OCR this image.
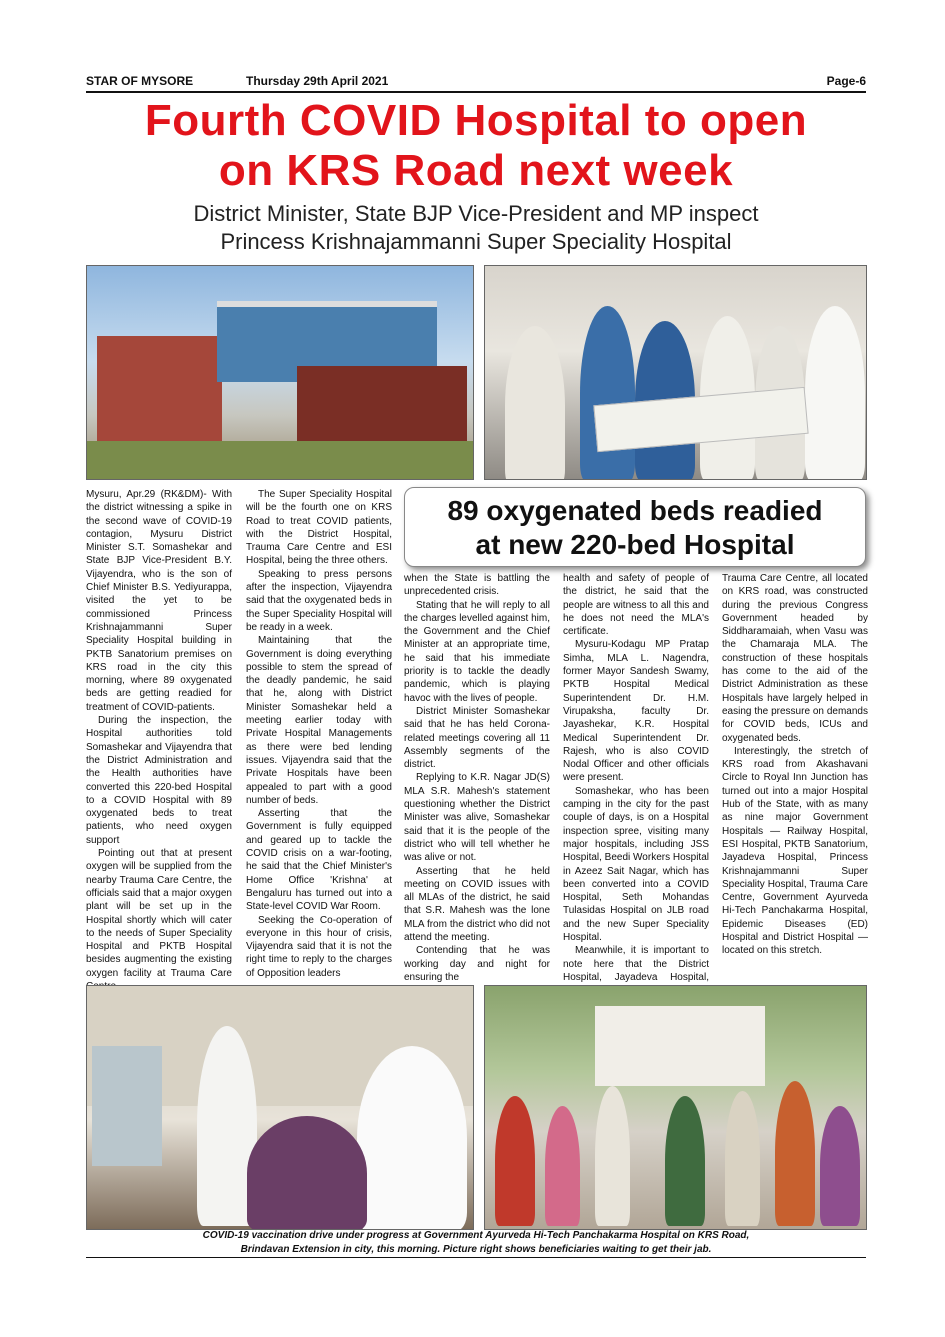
STAR OF MYSORE	Thursday 29th April 2021	Page-6
Fourth COVID Hospital to open
on KRS Road next week
District Minister, State BJP Vice-President and MP inspect
Princess Krishnajammanni Super Speciality Hospital
89 oxygenated beds readied
at new 220-bed Hospital

Mysuru, Apr.29 (RK&DM)- With the district witnessing a spike in the second wave of COVID-19 contagion, Mysuru District Minister S.T. Somashekar and State BJP Vice-President B.Y. Vijayendra, who is the son of Chief Minister B.S. Yediyurappa, visited the yet to be commissioned Princess Krishnajammanni Super Speciality Hospital building in PKTB Sanatorium premises on KRS road in the city this morning, where 89 oxygenated beds are getting readied for treatment of COVID-patients.

During the inspection, the Hospital authorities told Somashekar and Vijayendra that the District Administration and the Health authorities have converted this 220-bed Hospital to a COVID Hospital with 89 oxygenated beds to treat patients, who need oxygen support

Pointing out that at present oxygen will be supplied from the nearby Trauma Care Centre, the officials said that a major oxygen plant will be set up in the Hospital shortly which will cater to the needs of Super Speciality Hospital and PKTB Hospital besides augmenting the existing oxygen facility at Trauma Care

The Super Speciality Hospital will be the fourth one on KRS Road to treat COVID patients, with the District Hospital, Trauma Care Centre and ESI Hospital, being the three others.

Speaking to press persons after the inspection, Vijayendra said that the oxygenated beds in the Super Speciality Hospital will be ready in a week.

Maintaining that the Government is doing everything possible to stem the spread of the deadly pandemic, he said that he, along with District Minister Somashekar held a meeting earlier today with Private Hospital Managements as there were bed lending issues. Vijayendra said that the Private Hospitals have been appealed to part with a good number of beds.

Asserting that the Government is fully equipped and geared up to tackle the COVID crisis on a war-footing, he said that the Chief Minister's Home Office 'Krishna' at Bengaluru has turned out into a State-level COVID War Room.

Seeking the Co-operation of everyone in this hour of crisis, Vijayendra said that it is not the right time to reply to the charges of Opposition leaders

when the State is battling the unprecedented crisis.

Stating that he will reply to all the charges levelled against him, the Government and the Chief Minister at an appropriate time, he said that his immediate priority is to tackle the deadly pandemic, which is playing havoc with the lives of people.

District Minister Somashekar said that he has held Corona-related meetings covering all 11 Assembly segments of the district.

Replying to K.R. Nagar JD(S) MLA S.R. Mahesh's statement questioning whether the District Minister was alive, Somashekar said that it is the people of the district who will tell whether he was alive or not.

Asserting that he held meeting on COVID issues with all MLAs of the district, he said that S.R. Mahesh was the lone MLA from the district who did not attend the meeting.

Contending that he was working day and night for ensuring the

health and safety of people of the district, he said that the people are witness to all this and he does not need the MLA's certificate.

Mysuru-Kodagu MP Pratap Simha, MLA L. Nagendra, former Mayor Sandesh Swamy, PKTB Hospital Medical Superintendent Dr. H.M. Virupaksha, faculty Dr. Jayashekar, K.R. Hospital Medical Superintendent Dr. Rajesh, who is also COVID Nodal Officer and other officials were present.

Somashekar, who has been camping in the city for the past couple of days, is on a Hospital inspection spree, visiting many major hospitals, including JSS Hospital, Beedi Workers Hospital in Azeez Sait Nagar, which has been converted into a COVID Hospital, Seth Mohandas Tulasidas Hospital on JLB road and the new Super Speciality Hospital.

Meanwhile, it is important to note here that the District Hospital, Jayadeva Hospital,

Trauma Care Centre, all located on KRS road, was constructed during the previous Congress Government headed by Siddharamaiah, when Vasu was the Chamaraja MLA. The construction of these hospitals has come to the aid of the District Administration as these Hospitals have largely helped in easing the pressure on demands for COVID beds, ICUs and oxygenated beds.

Interestingly, the stretch of KRS road from Akashavani Circle to Royal Inn Junction has turned out into a major Hospital Hub of the State, with as many as nine major Government Hospitals — Railway Hospital, ESI Hospital, PKTB Sanatorium, Jayadeva Hospital, Princess Krishnajammanni Super Speciality Hospital, Trauma Care Centre, Government Ayurveda Hi-Tech Panchakarma Hospital, Epidemic Diseases (ED) Hospital and District Hospital — located on this stretch.

COVID-19 vaccination drive under progress at Government Ayurveda Hi-Tech Panchakarma Hospital on KRS Road,
Brindavan Extension in city, this morning. Picture right shows beneficiaries waiting to get their jab.
